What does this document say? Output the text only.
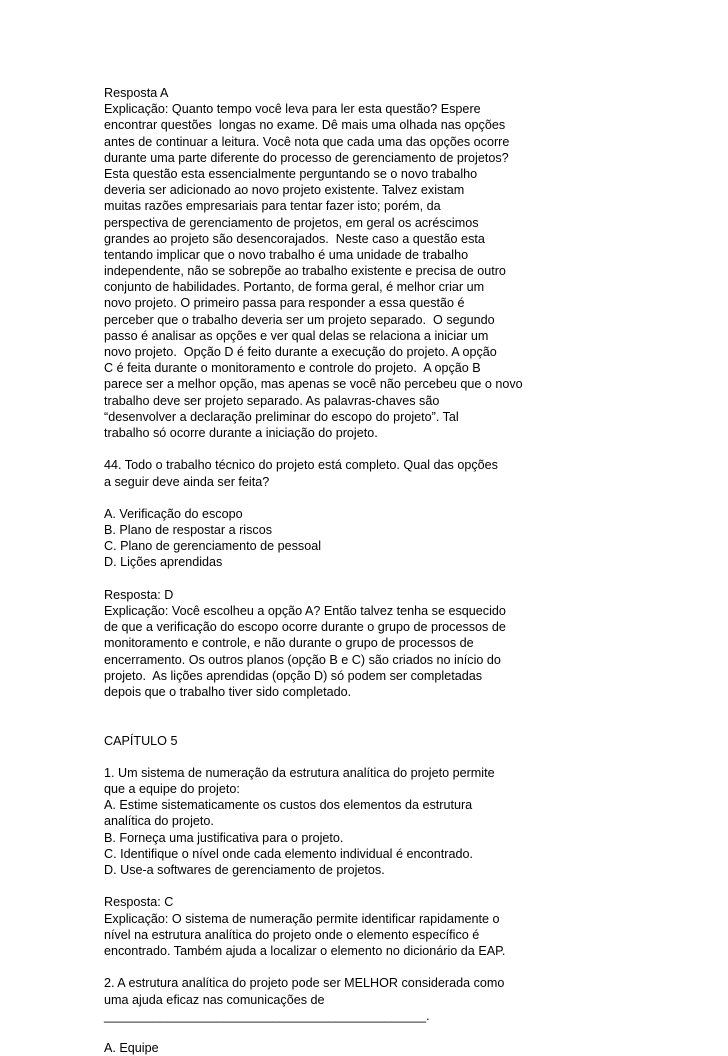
Resposta A
Explicação: Quanto tempo você leva para ler esta questão? Espere
encontrar questões  longas no exame. Dê mais uma olhada nas opções
antes de continuar a leitura. Você nota que cada uma das opções ocorre
durante uma parte diferente do processo de gerenciamento de projetos?
Esta questão esta essencialmente perguntando se o novo trabalho
deveria ser adicionado ao novo projeto existente. Talvez existam
muitas razões empresariais para tentar fazer isto; porém, da
perspectiva de gerenciamento de projetos, em geral os acréscimos
grandes ao projeto são desencorajados.  Neste caso a questão esta
tentando implicar que o novo trabalho é uma unidade de trabalho
independente, não se sobrepõe ao trabalho existente e precisa de outro
conjunto de habilidades. Portanto, de forma geral, é melhor criar um
novo projeto. O primeiro passa para responder a essa questão é
perceber que o trabalho deveria ser um projeto separado.  O segundo
passo é analisar as opções e ver qual delas se relaciona a iniciar um
novo projeto.  Opção D é feito durante a execução do projeto. A opção
C é feita durante o monitoramento e controle do projeto.  A opção B
parece ser a melhor opção, mas apenas se você não percebeu que o novo
trabalho deve ser projeto separado. As palavras-chaves são
“desenvolver a declaração preliminar do escopo do projeto”. Tal
trabalho só ocorre durante a iniciação do projeto.
44. Todo o trabalho técnico do projeto está completo. Qual das opções
a seguir deve ainda ser feita?
A. Verificação do escopo
B. Plano de respostar a riscos
C. Plano de gerenciamento de pessoal
D. Lições aprendidas
Resposta: D
Explicação: Você escolheu a opção A? Então talvez tenha se esquecido
de que a verificação do escopo ocorre durante o grupo de processos de
monitoramento e controle, e não durante o grupo de processos de
encerramento. Os outros planos (opção B e C) são criados no início do
projeto.  As lições aprendidas (opção D) só podem ser completadas
depois que o trabalho tiver sido completado.
CAPÍTULO 5
1. Um sistema de numeração da estrutura analítica do projeto permite
que a equipe do projeto:
A. Estime sistematicamente os custos dos elementos da estrutura
analítica do projeto.
B. Forneça uma justificativa para o projeto.
C. Identifique o nível onde cada elemento individual é encontrado.
D. Use-a softwares de gerenciamento de projetos.
Resposta: C
Explicação: O sistema de numeração permite identificar rapidamente o
nível na estrutura analítica do projeto onde o elemento específico é
encontrado. Também ajuda a localizar o elemento no dicionário da EAP.
2. A estrutura analítica do projeto pode ser MELHOR considerada como
uma ajuda eficaz nas comunicações de
______________________________________________.
A. Equipe
